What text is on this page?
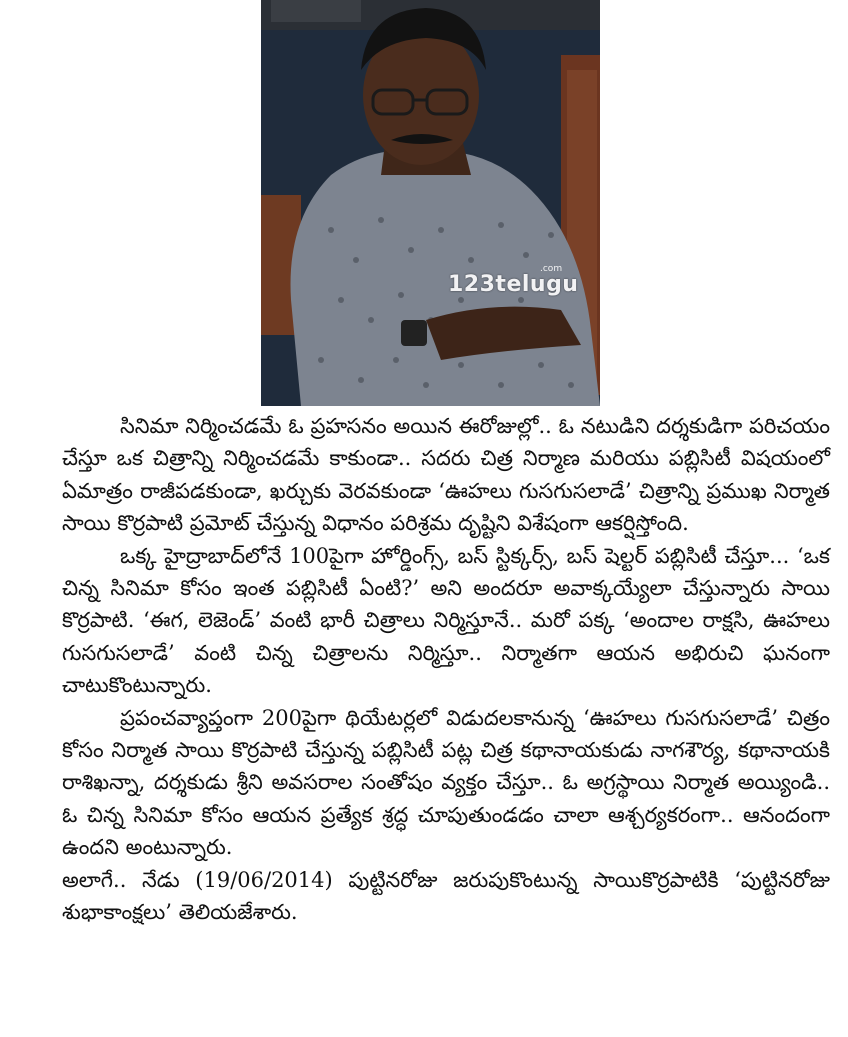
123telugu
.com

సినిమా నిర్మించడమే ఓ ప్రహసనం అయిన ఈరోజుల్లో.. ఓ నటుడిని దర్శకుడిగా పరిచయం చేస్తూ ఒక చిత్రాన్ని నిర్మించడమే కాకుండా.. సదరు చిత్ర నిర్మాణ మరియు పబ్లిసిటీ విషయంలో ఏమాత్రం రాజీపడకుండా, ఖర్చుకు వెరవకుండా ‘ఊహలు గుసగుసలాడే’ చిత్రాన్ని ప్రముఖ నిర్మాత సాయి కొర్రపాటి ప్రమోట్ చేస్తున్న విధానం పరిశ్రమ దృష్టిని విశేషంగా ఆకర్షిస్తోంది.

ఒక్క హైద్రాబాద్‌లోనే 100పైగా హోర్డింగ్స్, బస్ స్టిక్కర్స్, బస్ షెల్టర్ పబ్లిసిటీ చేస్తూ... ‘ఒక చిన్న సినిమా కోసం ఇంత పబ్లిసిటీ ఏంటి?’ అని అందరూ అవాక్కయ్యేలా చేస్తున్నారు సాయి కొర్రపాటి. ‘ఈగ, లెజెండ్’ వంటి భారీ చిత్రాలు నిర్మిస్తూనే.. మరో పక్క ‘అందాల రాక్షసి, ఊహలు గుసగుసలాడే’ వంటి చిన్న చిత్రాలను నిర్మిస్తూ.. నిర్మాతగా ఆయన అభిరుచి ఘనంగా చాటుకొంటున్నారు.

ప్రపంచవ్యాప్తంగా 200పైగా థియేటర్లలో విడుదలకానున్న ‘ఊహలు గుసగుసలాడే’ చిత్రం కోసం నిర్మాత సాయి కొర్రపాటి చేస్తున్న పబ్లిసిటీ పట్ల చిత్ర కథానాయకుడు నాగశౌర్య, కథానాయకి రాశిఖన్నా, దర్శకుడు శ్రీని అవసరాల సంతోషం వ్యక్తం చేస్తూ.. ఓ అగ్రస్థాయి నిర్మాత అయ్యిండి.. ఓ చిన్న సినిమా కోసం ఆయన ప్రత్యేక శ్రద్ధ చూపుతుండడం చాలా ఆశ్చర్యకరంగా.. ఆనందంగా ఉందని అంటున్నారు.

అలాగే.. నేడు (19/06/2014) పుట్టినరోజు జరుపుకొంటున్న సాయికొర్రపాటికి ‘పుట్టినరోజు శుభాకాంక్షలు’ తెలియజేశారు.
